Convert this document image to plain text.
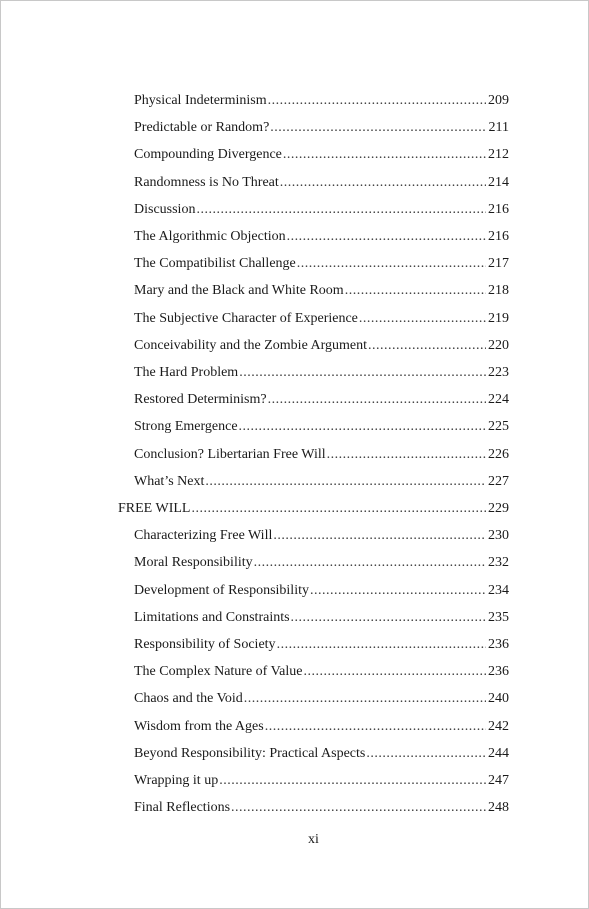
Physical Indeterminism .....	209
Predictable or Random? .....	211
Compounding Divergence .....	212
Randomness is No Threat .....	214
Discussion .....	216
The Algorithmic Objection .....	216
The Compatibilist Challenge .....	217
Mary and the Black and White Room .....	218
The Subjective Character of Experience .....	219
Conceivability and the Zombie Argument .....	220
The Hard Problem .....	223
Restored Determinism? .....	224
Strong Emergence .....	225
Conclusion? Libertarian Free Will .....	226
What’s Next .....	227
FREE WILL .....	229
Characterizing Free Will .....	230
Moral Responsibility .....	232
Development of Responsibility .....	234
Limitations and Constraints .....	235
Responsibility of Society .....	236
The Complex Nature of Value .....	236
Chaos and the Void .....	240
Wisdom from the Ages .....	242
Beyond Responsibility: Practical Aspects .....	244
Wrapping it up .....	247
Final Reflections .....	248
xi
